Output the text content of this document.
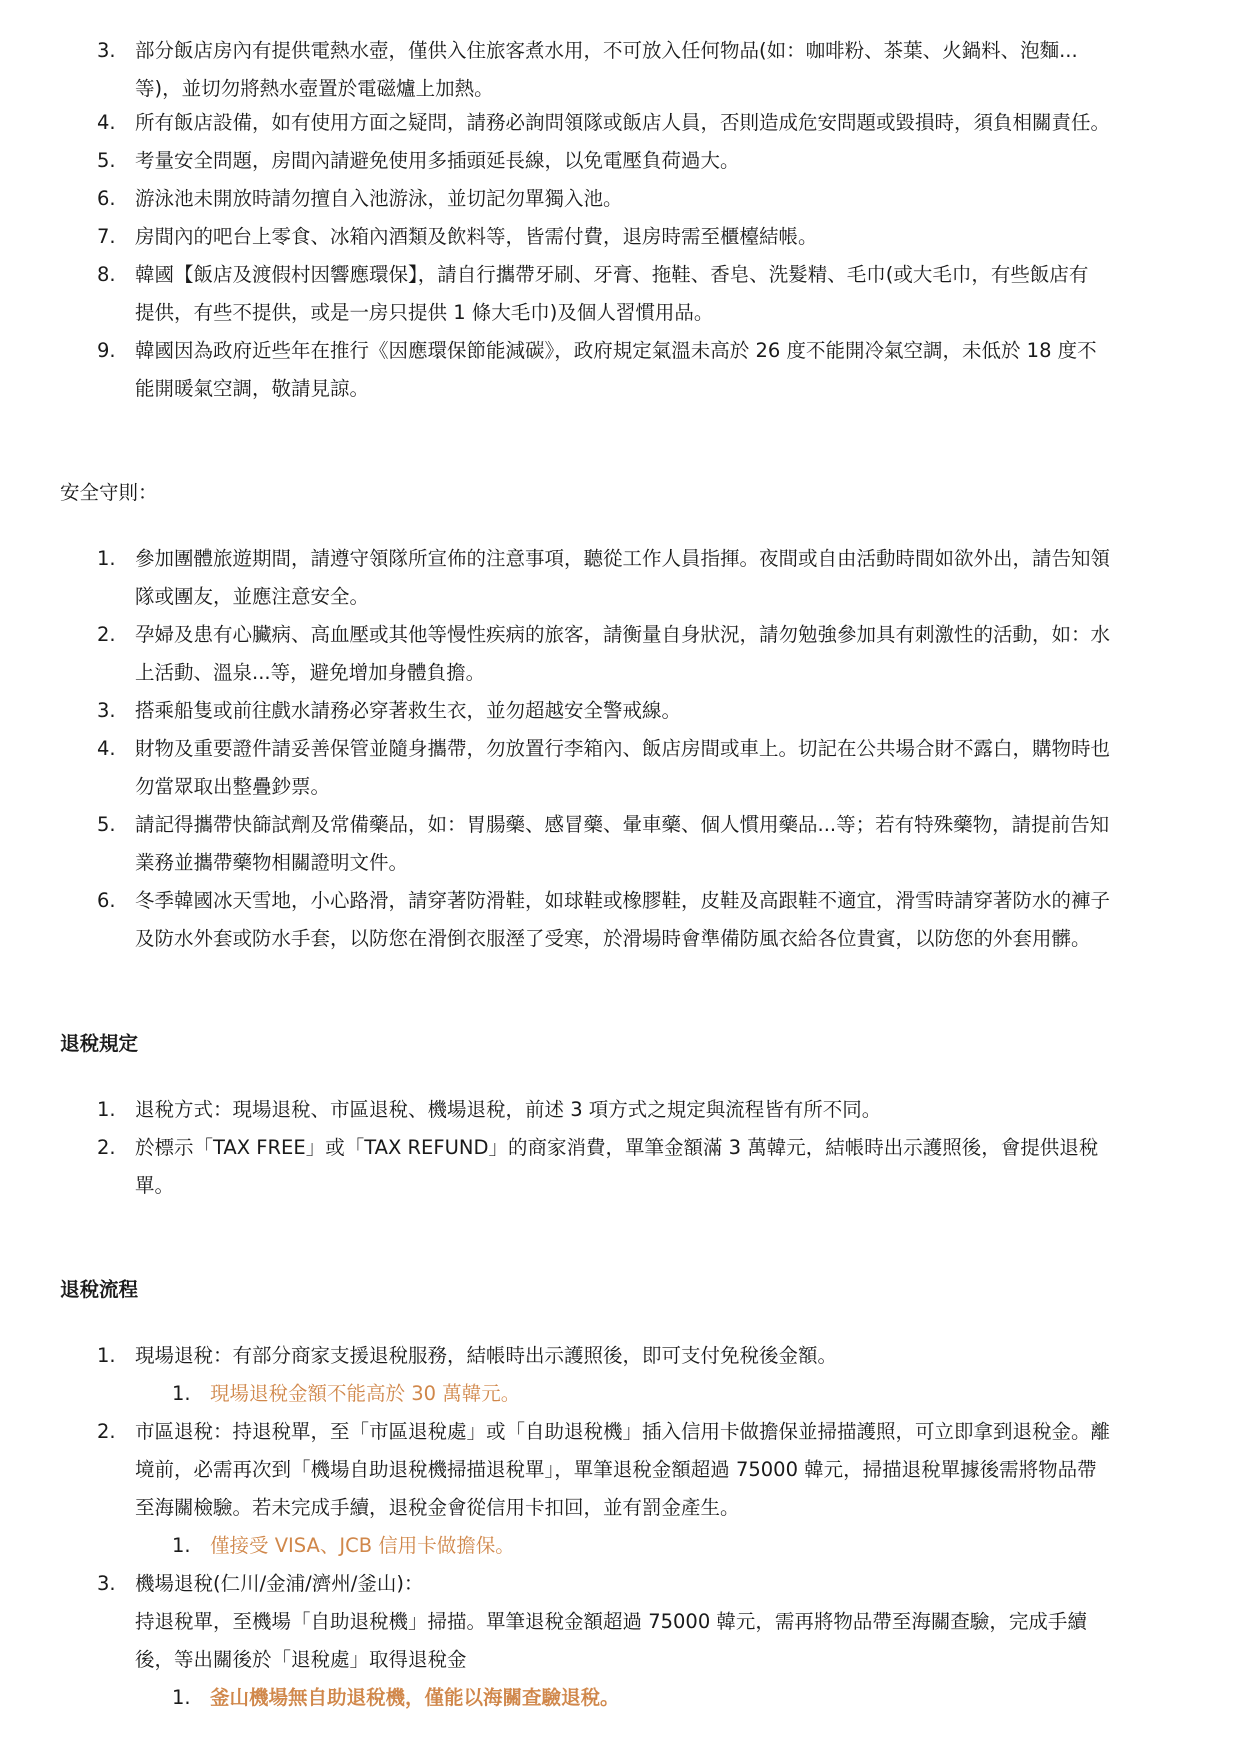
3. 部分飯店房內有提供電熱水壺，僅供入住旅客煮水用，不可放入任何物品(如：咖啡粉、茶葉、火鍋料、泡麵...
等)，並切勿將熱水壺置於電磁爐上加熱。
4. 所有飯店設備，如有使用方面之疑問，請務必詢問領隊或飯店人員，否則造成危安問題或毀損時，須負相關責任。
5. 考量安全問題，房間內請避免使用多插頭延長線，以免電壓負荷過大。
6. 游泳池未開放時請勿擅自入池游泳，並切記勿單獨入池。
7. 房間內的吧台上零食、冰箱內酒類及飲料等，皆需付費，退房時需至櫃檯結帳。
8. 韓國【飯店及渡假村因響應環保】，請自行攜帶牙刷、牙膏、拖鞋、香皂、洗髮精、毛巾(或大毛巾，有些飯店有
提供，有些不提供，或是一房只提供 1 條大毛巾)及個人習慣用品。
9. 韓國因為政府近些年在推行《因應環保節能減碳》，政府規定氣溫未高於 26 度不能開冷氣空調，未低於 18 度不
能開暖氣空調，敬請見諒。
安全守則：
1. 參加團體旅遊期間，請遵守領隊所宣佈的注意事項，聽從工作人員指揮。夜間或自由活動時間如欲外出，請告知領
隊或團友，並應注意安全。
2. 孕婦及患有心臟病、高血壓或其他等慢性疾病的旅客，請衡量自身狀況，請勿勉強參加具有刺激性的活動，如：水
上活動、溫泉...等，避免增加身體負擔。
3. 搭乘船隻或前往戲水請務必穿著救生衣，並勿超越安全警戒線。
4. 財物及重要證件請妥善保管並隨身攜帶，勿放置行李箱內、飯店房間或車上。切記在公共場合財不露白，購物時也
勿當眾取出整疊鈔票。
5. 請記得攜帶快篩試劑及常備藥品，如：胃腸藥、感冒藥、暈車藥、個人慣用藥品...等；若有特殊藥物，請提前告知
業務並攜帶藥物相關證明文件。
6. 冬季韓國冰天雪地，小心路滑，請穿著防滑鞋，如球鞋或橡膠鞋，皮鞋及高跟鞋不適宜，滑雪時請穿著防水的褲子
及防水外套或防水手套，以防您在滑倒衣服溼了受寒，於滑場時會準備防風衣給各位貴賓，以防您的外套用髒。
退稅規定
1. 退稅方式：現場退稅、市區退稅、機場退稅，前述 3 項方式之規定與流程皆有所不同。
2. 於標示「TAX FREE」或「TAX REFUND」的商家消費，單筆金額滿 3 萬韓元，結帳時出示護照後，會提供退稅
單。
退稅流程
1. 現場退稅：有部分商家支援退稅服務，結帳時出示護照後，即可支付免稅後金額。
1. 現場退稅金額不能高於 30 萬韓元。
2. 市區退稅：持退稅單，至「市區退稅處」或「自助退稅機」插入信用卡做擔保並掃描護照，可立即拿到退稅金。離
境前，必需再次到「機場自助退稅機掃描退稅單」，單筆退稅金額超過 75000 韓元，掃描退稅單據後需將物品帶
至海關檢驗。若未完成手續，退稅金會從信用卡扣回，並有罰金產生。
1. 僅接受 VISA、JCB 信用卡做擔保。
3. 機場退稅(仁川/金浦/濟州/釜山)：
持退稅單，至機場「自助退稅機」掃描。單筆退稅金額超過 75000 韓元，需再將物品帶至海關查驗，完成手續
後，等出關後於「退稅處」取得退稅金
1. 釜山機場無自助退稅機，僅能以海關查驗退稅。
